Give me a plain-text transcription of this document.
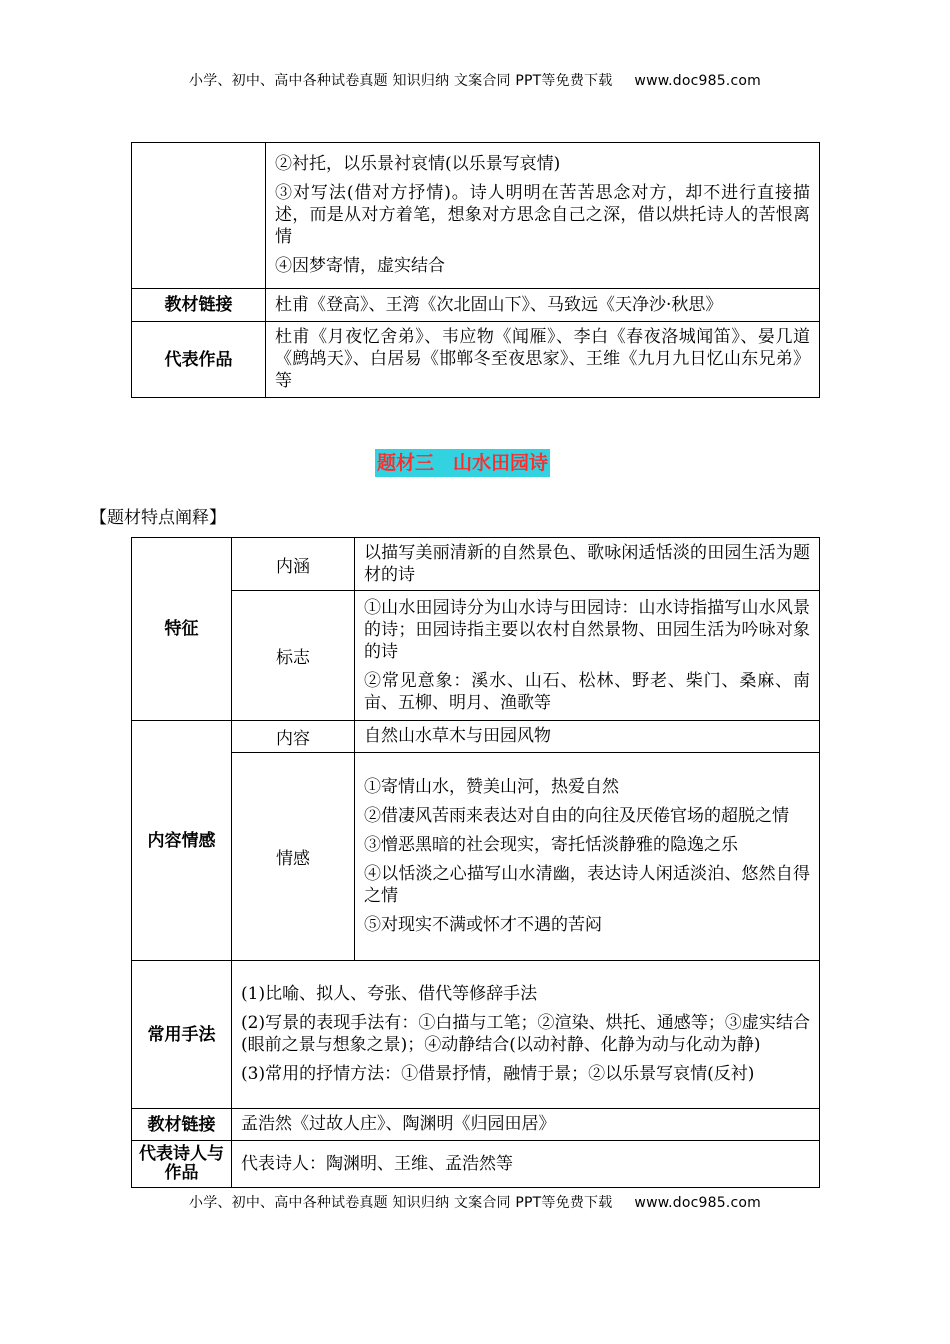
小学、初中、高中各种试卷真题 知识归纳 文案合同 PPT等免费下载 www.doc985.com

	②衬托，以乐景衬哀情(以乐景写哀情)

③对写法(借对方抒情)。诗人明明在苦苦思念对方，却不进行直接描述，而是从对方着笔，想象对方思念自己之深，借以烘托诗人的苦恨离情

④因梦寄情，虚实结合

教材链接	杜甫《登高》、王湾《次北固山下》、马致远《天净沙·秋思》

代表作品	杜甫《月夜忆舍弟》、韦应物《闻雁》、李白《春夜洛城闻笛》、晏几道《鹧鸪天》、白居易《邯郸冬至夜思家》、王维《九月九日忆山东兄弟》等

题材三　山水田园诗
【题材特点阐释】
特征	内涵	以描写美丽清新的自然景色、歌咏闲适恬淡的田园生活为题材的诗

	标志	①山水田园诗分为山水诗与田园诗：山水诗指描写山水风景的诗；田园诗指主要以农村自然景物、田园生活为吟咏对象的诗

②常见意象：溪水、山石、松林、野老、柴门、桑麻、南亩、五柳、明月、渔歌等

内容情感	内容	自然山水草木与田园风物

	情感	①寄情山水，赞美山河，热爱自然

②借凄风苦雨来表达对自由的向往及厌倦官场的超脱之情

③憎恶黑暗的社会现实，寄托恬淡静雅的隐逸之乐

④以恬淡之心描写山水清幽，表达诗人闲适淡泊、悠然自得之情

⑤对现实不满或怀才不遇的苦闷

常用手法	(1)比喻、拟人、夸张、借代等修辞手法

(2)写景的表现手法有：①白描与工笔；②渲染、烘托、通感等；③虚实结合(眼前之景与想象之景)；④动静结合(以动衬静、化静为动与化动为静)

(3)常用的抒情方法：①借景抒情，融情于景；②以乐景写哀情(反衬)	

教材链接	孟浩然《过故人庄》、陶渊明《归园田居》	

代表诗人与作品	代表诗人：陶渊明、王维、孟浩然等	

小学、初中、高中各种试卷真题 知识归纳 文案合同 PPT等免费下载 www.doc985.com
